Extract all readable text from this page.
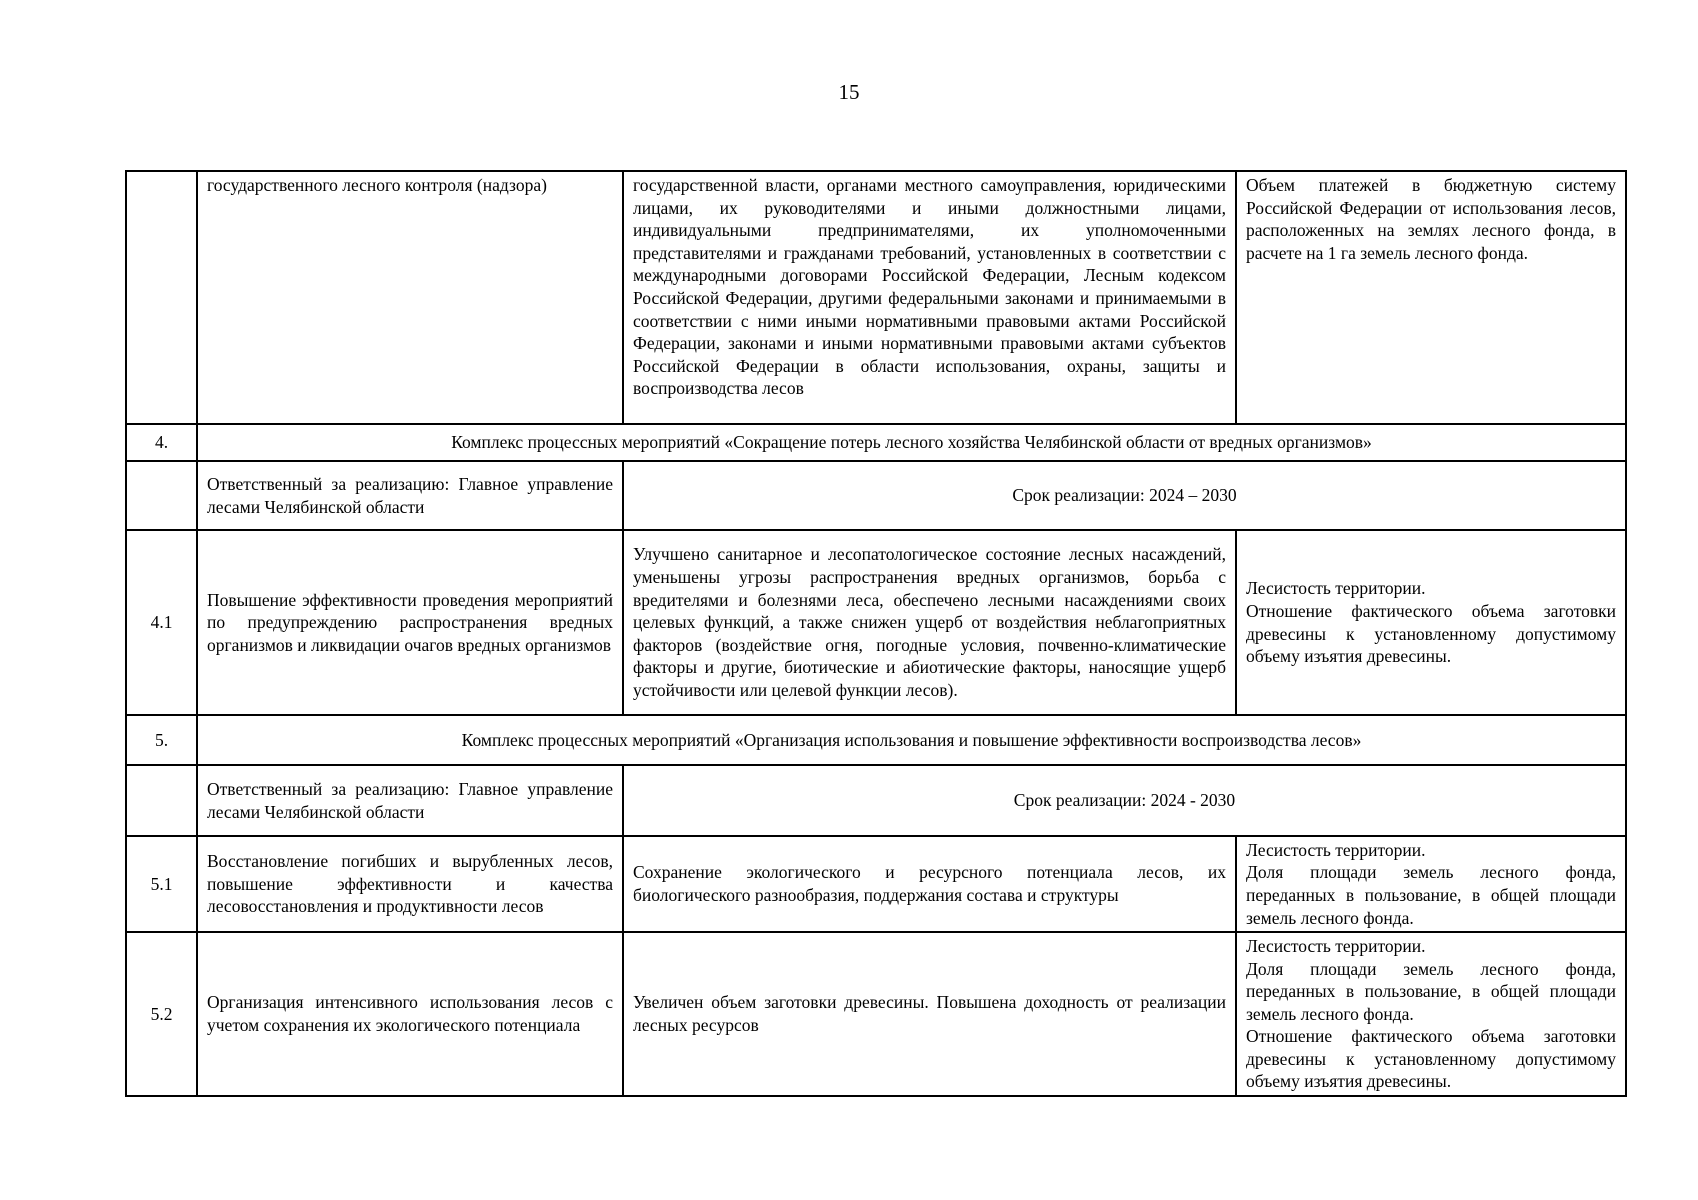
15
	государственного лесного контроля (надзора)	государственной власти, органами местного самоуправления, юридическими лицами, их руководителями и иными должностными лицами, индивидуальными предпринимателями, их уполномоченными представителями и гражданами требований, установленных в соответствии с международными договорами Российской Федерации, Лесным кодексом Российской Федерации, другими федеральными законами и принимаемыми в соответствии с ними иными нормативными правовыми актами Российской Федерации, законами и иными нормативными правовыми актами субъектов Российской Федерации в области использования, охраны, защиты и воспроизводства лесов	Объем платежей в бюджетную систему Российской Федерации от использования лесов, расположенных на землях лесного фонда, в расчете на 1 га земель лесного фонда.
4.	Комплекс процессных мероприятий «Сокращение потерь лесного хозяйства Челябинской области от вредных организмов»		
	Ответственный за реализацию: Главное управление лесами Челябинской области	Срок реализации: 2024 – 2030	
4.1	Повышение эффективности проведения мероприятий по предупреждению распространения вредных организмов и ликвидации очагов вредных организмов	Улучшено санитарное и лесопатологическое состояние лесных насаждений, уменьшены угрозы распространения вредных организмов, борьба с вредителями и болезнями леса, обеспечено лесными насаждениями своих целевых функций, а также снижен ущерб от воздействия неблагоприятных факторов (воздействие огня, погодные условия, почвенно-климатические факторы и другие, биотические и абиотические факторы, наносящие ущерб устойчивости или целевой функции лесов).	Лесистость территории.
Отношение фактического объема заготовки древесины к установленному допустимому объему изъятия древесины.

5.	Комплекс процессных мероприятий «Организация использования и повышение эффективности воспроизводства лесов»		
	Ответственный за реализацию: Главное управление лесами Челябинской области	Срок реализации: 2024 - 2030	
5.1	Восстановление погибших и вырубленных лесов, повышение эффективности и качества лесовосстановления и продуктивности лесов	Сохранение экологического и ресурсного потенциала лесов, их биологического разнообразия, поддержания состава и структуры	Лесистость территории.
Доля площади земель лесного фонда, переданных в пользование, в общей площади земель лесного фонда.

5.2	Организация интенсивного использования лесов с учетом сохранения их экологического потенциала	Увеличен объем заготовки древесины. Повышена доходность от реализации лесных ресурсов	Лесистость территории.
Доля площади земель лесного фонда, переданных в пользование, в общей площади земель лесного фонда.
Отношение фактического объема заготовки древесины к установленному допустимому объему изъятия древесины.
